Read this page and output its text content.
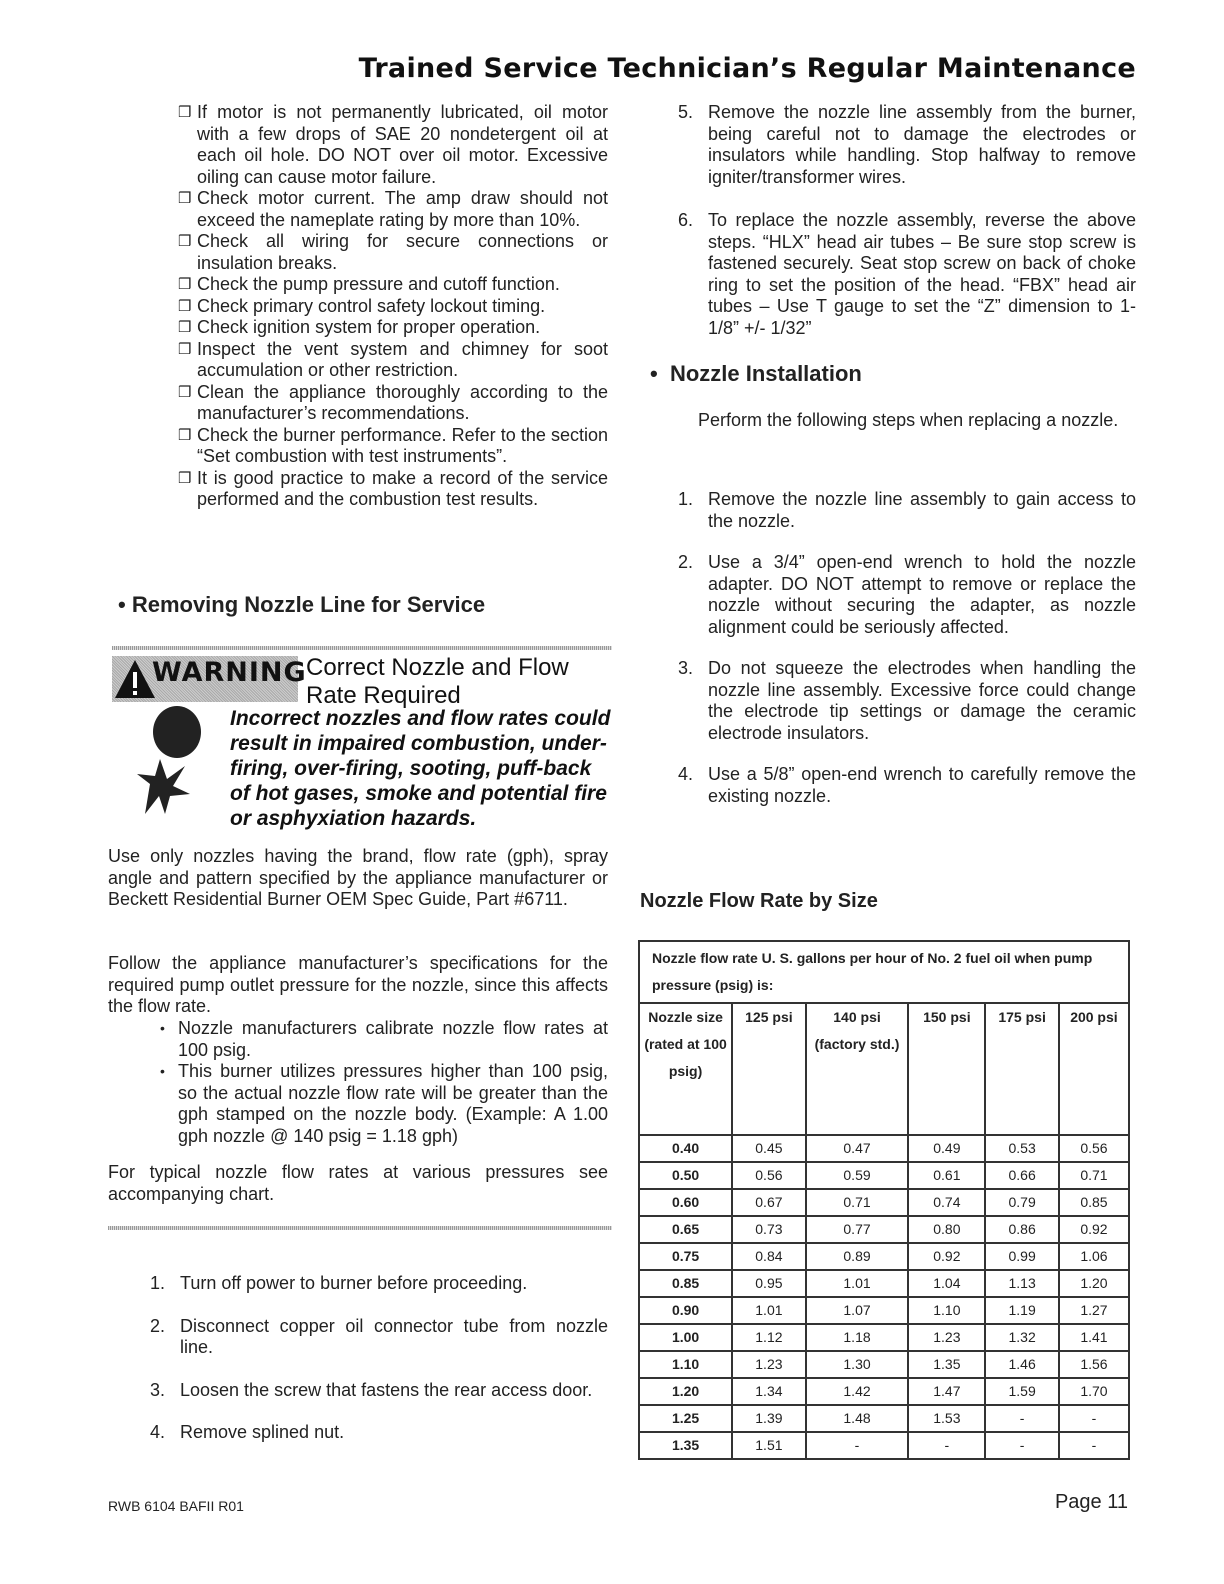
Trained Service Technician’s Regular Maintenance
❒ If motor is not permanently lubricated, oil motor with a few drops of SAE 20 nondetergent oil at each oil hole. DO NOT over oil motor. Excessive oiling can cause motor failure.
❒ Check motor current. The amp draw should not exceed the nameplate rating by more than 10%.
❒ Check all wiring for secure connections or insulation breaks.
❒ Check the pump pressure and cutoff function.
❒ Check primary control safety lockout timing.
❒ Check ignition system for proper operation.
❒ Inspect the vent system and chimney for soot accumulation or other restriction.
❒ Clean the appliance thoroughly according to the manufacturer’s recommendations.
❒ Check the burner performance. Refer to the section “Set combustion with test instruments”.
❒ It is good practice to make a record of the service performed and the combustion test results.
• Removing Nozzle Line for Service
WARNING Correct Nozzle and Flow Rate Required
Incorrect nozzles and flow rates could result in impaired combustion, under-firing, over-firing, sooting, puff-back of hot gases, smoke and potential fire or asphyxiation hazards.

Use only nozzles having the brand, flow rate (gph), spray angle and pattern specified by the appliance manufacturer or Beckett Residential Burner OEM Spec Guide, Part #6711.

Follow the appliance manufacturer’s specifications for the required pump outlet pressure for the nozzle, since this affects the flow rate.

• Nozzle manufacturers calibrate nozzle flow rates at 100 psig.
• This burner utilizes pressures higher than 100 psig, so the actual nozzle flow rate will be greater than the gph stamped on the nozzle body. (Example: A 1.00 gph nozzle @ 140 psig = 1.18 gph)

For typical nozzle flow rates at various pressures see accompanying chart.

1. Turn off power to burner before proceeding.
2. Disconnect copper oil connector tube from nozzle line.
3. Loosen the screw that fastens the rear access door.
4. Remove splined nut.
5. Remove the nozzle line assembly from the burner, being careful not to damage the electrodes or insulators while handling. Stop halfway to remove igniter/transformer wires.
6. To replace the nozzle assembly, reverse the above steps. “HLX” head air tubes – Be sure stop screw is fastened securely. Seat stop screw on back of choke ring to set the position of the head. “FBX” head air tubes – Use T gauge to set the “Z” dimension to 1-1/8” +/- 1/32”
•  Nozzle Installation

Perform the following steps when replacing a nozzle.

1. Remove the nozzle line assembly to gain access to the nozzle.
2. Use a 3/4” open-end wrench to hold the nozzle adapter. DO NOT attempt to remove or replace the nozzle without securing the adapter, as nozzle alignment could be seriously affected.
3. Do not squeeze the electrodes when handling the nozzle line assembly. Excessive force could change the electrode tip settings or damage the ceramic electrode insulators.
4. Use a 5/8” open-end wrench to carefully remove the existing nozzle.
Nozzle Flow Rate by Size
Nozzle flow rate U. S. gallons per hour of No. 2 fuel oil when pump pressure (psig) is:					
Nozzle size (rated at 100 psig)	125 psi	140 psi (factory std.)	150 psi	175 psi	200 psi
0.40	0.45	0.47	0.49	0.53	0.56
0.50	0.56	0.59	0.61	0.66	0.71
0.60	0.67	0.71	0.74	0.79	0.85
0.65	0.73	0.77	0.80	0.86	0.92
0.75	0.84	0.89	0.92	0.99	1.06
0.85	0.95	1.01	1.04	1.13	1.20
0.90	1.01	1.07	1.10	1.19	1.27
1.00	1.12	1.18	1.23	1.32	1.41
1.10	1.23	1.30	1.35	1.46	1.56
1.20	1.34	1.42	1.47	1.59	1.70
1.25	1.39	1.48	1.53	-	-
1.35	1.51	-	-	-	-
RWB 6104 BAFII R01	Page 11
